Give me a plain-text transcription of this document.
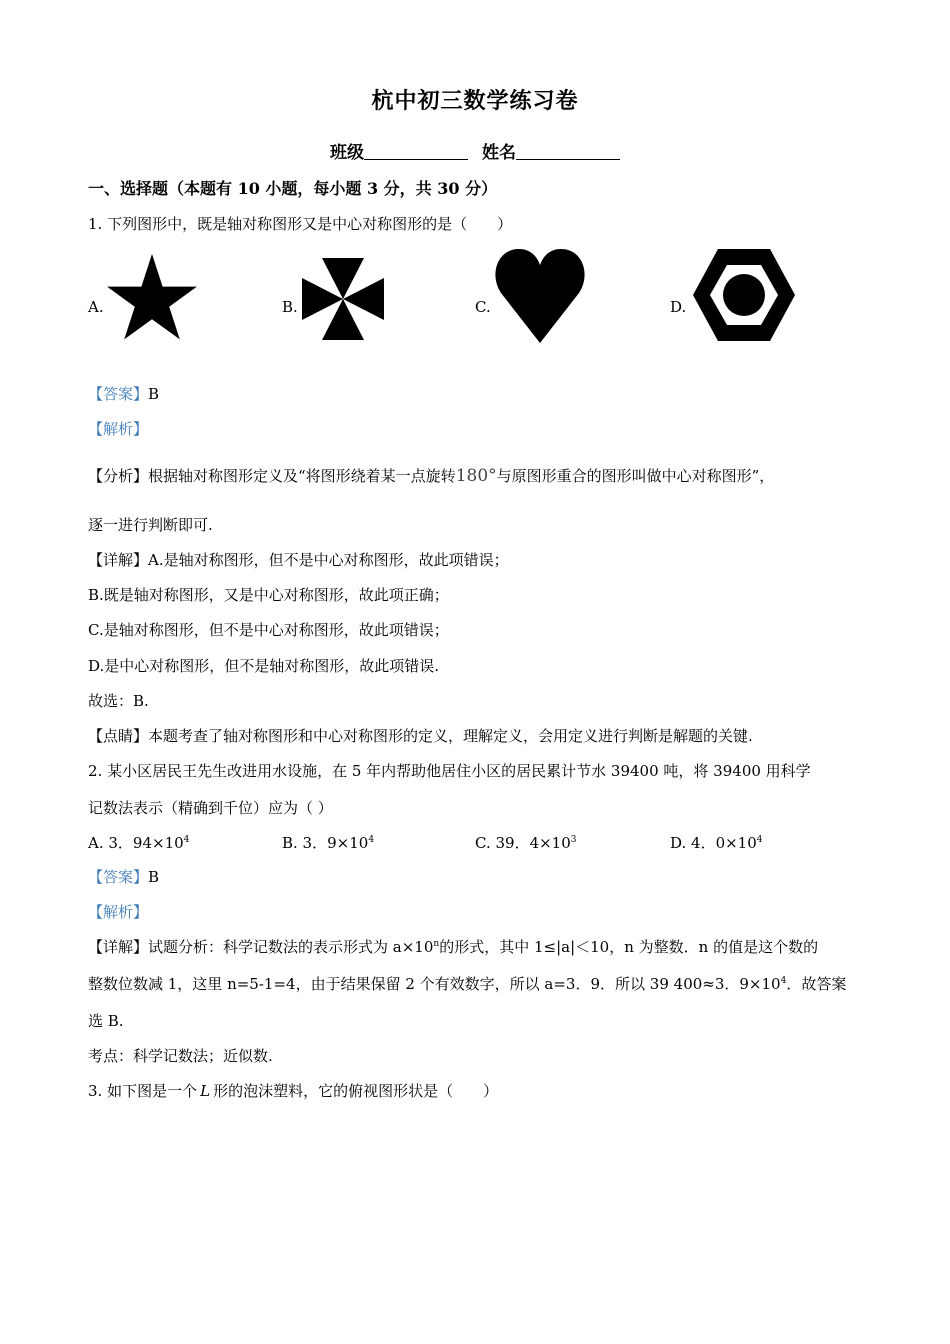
杭中初三数学练习卷
班级	姓名
一、选择题（本题有 10 小题，每小题 3 分，共 30 分）
1. 下列图形中，既是轴对称图形又是中心对称图形的是（　　）
A.	B.	C.	D.
【答案】B
【解析】
【分析】根据轴对称图形定义及“将图形绕着某一点旋转180°与原图形重合的图形叫做中心对称图形”，
逐一进行判断即可.
【详解】A.是轴对称图形，但不是中心对称图形，故此项错误；
B.既是轴对称图形，又是中心对称图形，故此项正确；
C.是轴对称图形，但不是中心对称图形，故此项错误；
D.是中心对称图形，但不是轴对称图形，故此项错误.
故选：B.
【点睛】本题考查了轴对称图形和中心对称图形的定义，理解定义，会用定义进行判断是解题的关键.
2. 某小区居民王先生改进用水设施，在 5 年内帮助他居住小区的居民累计节水 39400 吨，将 39400 用科学
记数法表示（精确到千位）应为（ ）
A. 3．$94\times 10^4$	B. 3．$9\times 10^4$	C. 39．$4\times 10^3$	D. 4．$0\times 10^4$
【答案】B
【解析】
【详解】试题分析：科学记数法的表示形式为 $a\times 10^n$的形式，其中 1≤|a|＜10，n 为整数．n 的值是这个数的
整数位数减 1，这里 n=5-1=4，由于结果保留 2 个有效数字，所以 a=3．9．所以 39 400≈3．$9\times 10^4$．故答案
选 B.
考点：科学记数法；近似数.
3. 如下图是一个 L 形的泡沫塑料，它的俯视图形状是（　　）
